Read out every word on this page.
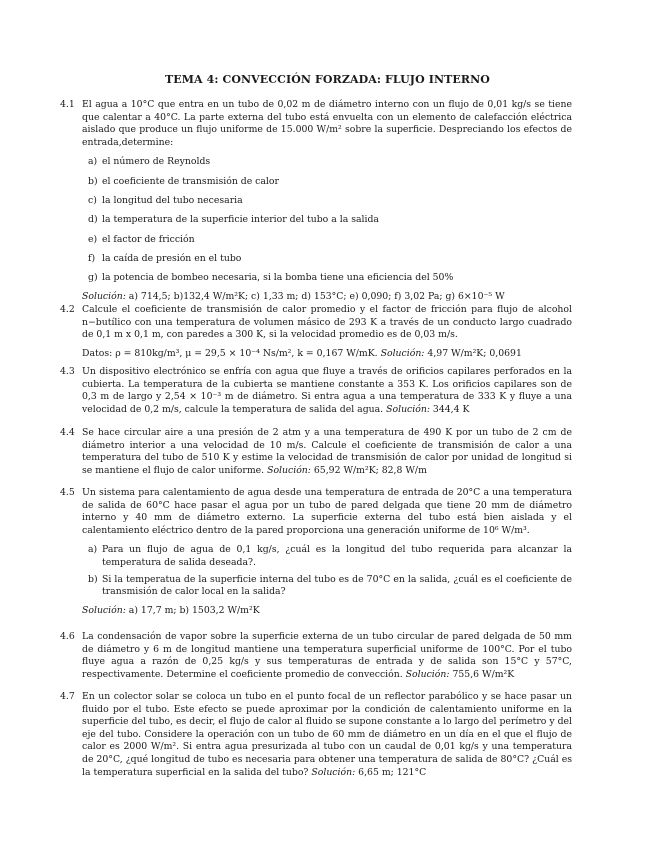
TEMA 4: CONVECCIÓN FORZADA: FLUJO INTERNO
4.1 El agua a 10°C que entra en un tubo de 0,02 m de diámetro interno con un flujo de 0,01 kg/s se tiene que calentar a 40°C. La parte externa del tubo está envuelta con un elemento de calefacción eléctrica aislado que produce un flujo uniforme de 15.000 W/m² sobre la superficie. Despreciando los efectos de entrada,determine:

a) el número de Reynolds
b) el coeficiente de transmisión de calor
c) la longitud del tubo necesaria
d) la temperatura de la superficie interior del tubo a la salida
e) el factor de fricción
f) la caída de presión en el tubo
g) la potencia de bombeo necesaria, si la bomba tiene una eficiencia del 50%
Solución: a) 714,5; b)132,4 W/m²K; c) 1,33 m; d) 153°C; e) 0,090; f) 3,02 Pa; g) 6×10⁻⁵ W
4.2 Calcule el coeficiente de transmisión de calor promedio y el factor de fricción para flujo de alcohol n−butílico con una temperatura de volumen másico de 293 K a través de un conducto largo cuadrado de 0,1 m x 0,1 m, con paredes a 300 K, si la velocidad promedio es de 0,03 m/s.

Datos: ρ = 810kg/m³, μ = 29,5 × 10⁻⁴ Ns/m², k = 0,167 W/mK. Solución: 4,97 W/m²K; 0,0691
4.3 Un dispositivo electrónico se enfría con agua que fluye a través de orificios capilares perforados en la cubierta. La temperatura de la cubierta se mantiene constante a 353 K. Los orificios capilares son de 0,3 m de largo y 2,54 × 10⁻³ m de diámetro. Si entra agua a una temperatura de 333 K y fluye a una velocidad de 0,2 m/s, calcule la temperatura de salida del agua. Solución: 344,4 K

4.4 Se hace circular aire a una presión de 2 atm y a una temperatura de 490 K por un tubo de 2 cm de diámetro interior a una velocidad de 10 m/s. Calcule el coeficiente de transmisión de calor a una temperatura del tubo de 510 K y estime la velocidad de transmisión de calor por unidad de longitud si se mantiene el flujo de calor uniforme. Solución: 65,92 W/m²K; 82,8 W/m

4.5 Un sistema para calentamiento de agua desde una temperatura de entrada de 20°C a una temperatura de salida de 60°C hace pasar el agua por un tubo de pared delgada que tiene 20 mm de diámetro interno y 40 mm de diámetro externo. La superficie externa del tubo está bien aislada y el calentamiento eléctrico dentro de la pared proporciona una generación uniforme de 10⁶ W/m³.

a) Para un flujo de agua de 0,1 kg/s, ¿cuál es la longitud del tubo requerida para alcanzar la temperatura de salida deseada?.
b) Si la temperatua de la superficie interna del tubo es de 70°C en la salida, ¿cuál es el coeficiente de transmisión de calor local en la salida?
Solución: a) 17,7 m; b) 1503,2 W/m²K
4.6 La condensación de vapor sobre la superficie externa de un tubo circular de pared delgada de 50 mm de diámetro y 6 m de longitud mantiene una temperatura superficial uniforme de 100°C. Por el tubo fluye agua a razón de 0,25 kg/s y sus temperaturas de entrada y de salida son 15°C y 57°C, respectivamente. Determine el coeficiente promedio de convección. Solución: 755,6 W/m²K

4.7 En un colector solar se coloca un tubo en el punto focal de un reflector parabólico y se hace pasar un fluido por el tubo. Este efecto se puede aproximar por la condición de calentamiento uniforme en la superficie del tubo, es decir, el flujo de calor al fluido se supone constante a lo largo del perímetro y del eje del tubo. Considere la operación con un tubo de 60 mm de diámetro en un día en el que el flujo de calor es 2000 W/m². Si entra agua presurizada al tubo con un caudal de 0,01 kg/s y una temperatura de 20°C, ¿qué longitud de tubo es necesaria para obtener una temperatura de salida de 80°C? ¿Cuál es la temperatura superficial en la salida del tubo? Solución: 6,65 m; 121°C
